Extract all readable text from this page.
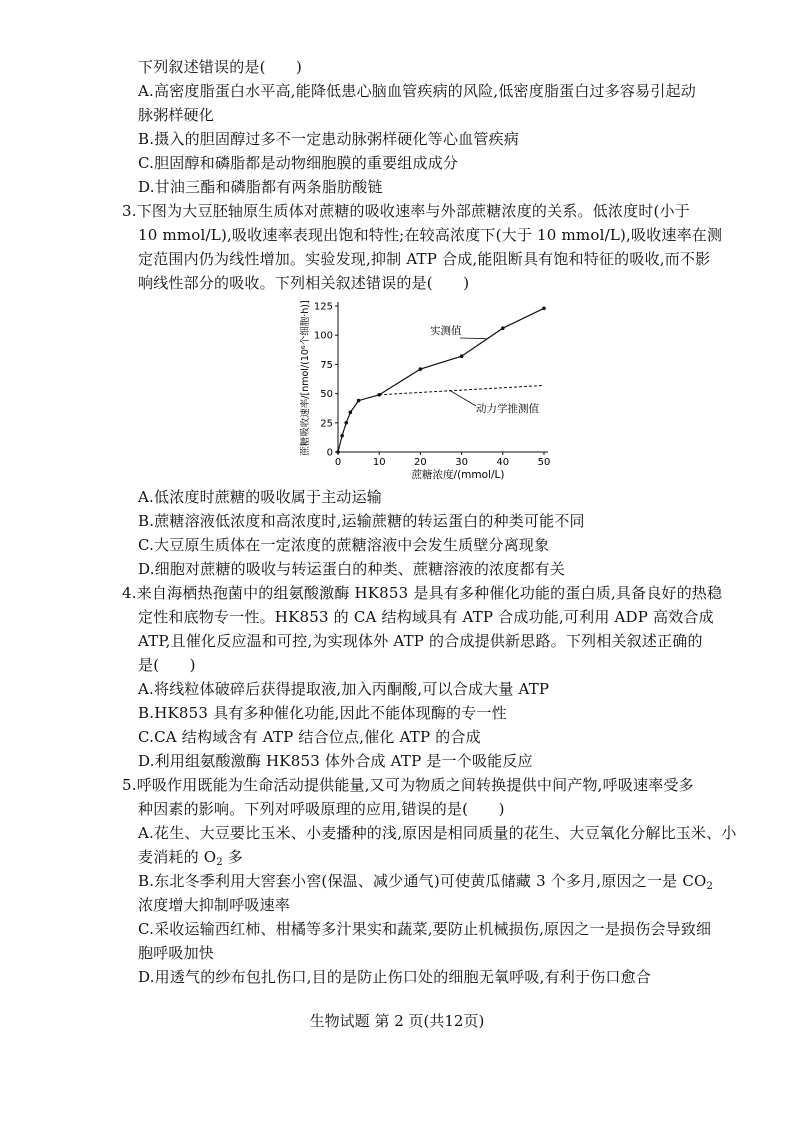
下列叙述错误的是(　　)
A.高密度脂蛋白水平高,能降低患心脑血管疾病的风险,低密度脂蛋白过多容易引起动
脉粥样硬化
B.摄入的胆固醇过多不一定患动脉粥样硬化等心血管疾病
C.胆固醇和磷脂都是动物细胞膜的重要组成成分
D.甘油三酯和磷脂都有两条脂肪酸链
3.下图为大豆胚轴原生质体对蔗糖的吸收速率与外部蔗糖浓度的关系。低浓度时(小于
10 mmol/L),吸收速率表现出饱和特性;在较高浓度下(大于 10 mmol/L),吸收速率在测
定范围内仍为线性增加。实验发现,抑制 ATP 合成,能阻断具有饱和特征的吸收,而不影
响线性部分的吸收。下列相关叙述错误的是(　　)
0	10	20	30	40	50
0
25
50
75
100
125
蔗糖吸收速率/[nmol/(10⁶个细胞·h)]
蔗糖浓度/(mmol/L)
实测值
动力学推测值
A.低浓度时蔗糖的吸收属于主动运输
B.蔗糖溶液低浓度和高浓度时,运输蔗糖的转运蛋白的种类可能不同
C.大豆原生质体在一定浓度的蔗糖溶液中会发生质壁分离现象
D.细胞对蔗糖的吸收与转运蛋白的种类、蔗糖溶液的浓度都有关
4.来自海栖热孢菌中的组氨酸激酶 HK853 是具有多种催化功能的蛋白质,具备良好的热稳
定性和底物专一性。HK853 的 CA 结构域具有 ATP 合成功能,可利用 ADP 高效合成
ATP,且催化反应温和可控,为实现体外 ATP 的合成提供新思路。下列相关叙述正确的
是(　　)
A.将线粒体破碎后获得提取液,加入丙酮酸,可以合成大量 ATP
B.HK853 具有多种催化功能,因此不能体现酶的专一性
C.CA 结构域含有 ATP 结合位点,催化 ATP 的合成
D.利用组氨酸激酶 HK853 体外合成 ATP 是一个吸能反应
5.呼吸作用既能为生命活动提供能量,又可为物质之间转换提供中间产物,呼吸速率受多
种因素的影响。下列对呼吸原理的应用,错误的是(　　)
A.花生、大豆要比玉米、小麦播种的浅,原因是相同质量的花生、大豆氧化分解比玉米、小
麦消耗的 $O_2$ 多
B.东北冬季利用大窖套小窖(保温、减少通气)可使黄瓜储藏 3 个多月,原因之一是 $CO_2$
浓度增大抑制呼吸速率
C.采收运输西红柿、柑橘等多汁果实和蔬菜,要防止机械损伤,原因之一是损伤会导致细
胞呼吸加快
D.用透气的纱布包扎伤口,目的是防止伤口处的细胞无氧呼吸,有利于伤口愈合
生物试题 第 2 页(共12页)
